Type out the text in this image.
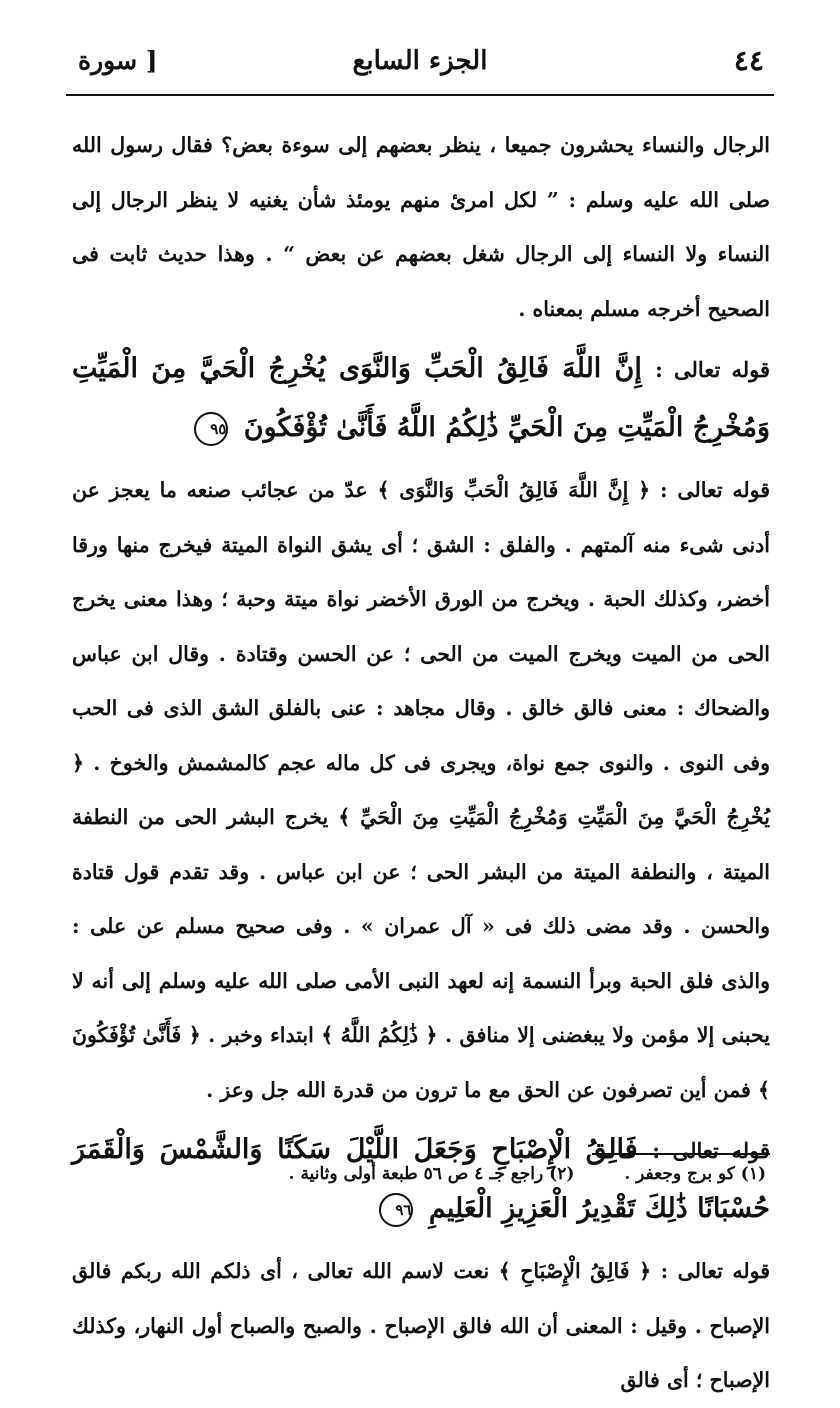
٤٤
الجزء السابع
[ سورة

الرجال والنساء يحشرون جميعا ، ينظر بعضهم إلى سوءة بعض؟ فقال رسول الله صلى الله عليه وسلم : ” لكل امرئ منهم يومئذ شأن يغنيه لا ينظر الرجال إلى النساء ولا النساء إلى الرجال شغل بعضهم عن بعض “ . وهذا حديث ثابت فى الصحيح أخرجه مسلم بمعناه .

قوله تعالى : إِنَّ اللَّهَ فَالِقُ الْحَبِّ وَالنَّوَى يُخْرِجُ الْحَيَّ مِنَ الْمَيِّتِ وَمُخْرِجُ الْمَيِّتِ مِنَ الْحَيِّ ذَٰلِكُمُ اللَّهُ فَأَنَّىٰ تُؤْفَكُونَ ٩٥

قوله تعالى : ﴿ إِنَّ اللَّهَ فَالِقُ الْحَبِّ وَالنَّوَى ﴾ عدّ من عجائب صنعه ما يعجز عن أدنى شىء منه آلمتهم . والفلق : الشق ؛ أى يشق النواة الميتة فيخرج منها ورقا أخضر، وكذلك الحبة . ويخرج من الورق الأخضر نواة ميتة وحبة ؛ وهذا معنى يخرج الحى من الميت ويخرج الميت من الحى ؛ عن الحسن وقتادة . وقال ابن عباس والضحاك : معنى فالق خالق . وقال مجاهد : عنى بالفلق الشق الذى فى الحب وفى النوى . والنوى جمع نواة، ويجرى فى كل ماله عجم كالمشمش والخوخ . ﴿ يُخْرِجُ الْحَيَّ مِنَ الْمَيِّتِ وَمُخْرِجُ الْمَيِّتِ مِنَ الْحَيِّ ﴾ يخرج البشر الحى من النطفة الميتة ، والنطفة الميتة من البشر الحى ؛ عن ابن عباس . وقد تقدم قول قتادة والحسن . وقد مضى ذلك فى « آل عمران » . وفى صحيح مسلم عن على : والذى فلق الحبة وبرأ النسمة إنه لعهد النبى الأمى صلى الله عليه وسلم إلى أنه لا يحبنى إلا مؤمن ولا يبغضنى إلا منافق . ﴿ ذَٰلِكُمُ اللَّهُ ﴾ ابتداء وخبر . ﴿ فَأَنَّىٰ تُؤْفَكُونَ ﴾ فمن أين تصرفون عن الحق مع ما ترون من قدرة الله جل وعز .

قوله تعالى : فَالِقُ الْإِصْبَاحِ وَجَعَلَ اللَّيْلَ سَكَنًا وَالشَّمْسَ وَالْقَمَرَ حُسْبَانًا ذَٰلِكَ تَقْدِيرُ الْعَزِيزِ الْعَلِيمِ ٩٦

قوله تعالى : ﴿ فَالِقُ الْإِصْبَاحِ ﴾ نعت لاسم الله تعالى ، أى ذلكم الله ربكم فالق الإصباح . وقيل : المعنى أن الله فالق الإصباح . والصبح والصباح أول النهار، وكذلك الإصباح ؛ أى فالق

(١) كو برج وجعفر . (٢) راجع جـ ٤ ص ٥٦ طبعة أولى وثانية .
